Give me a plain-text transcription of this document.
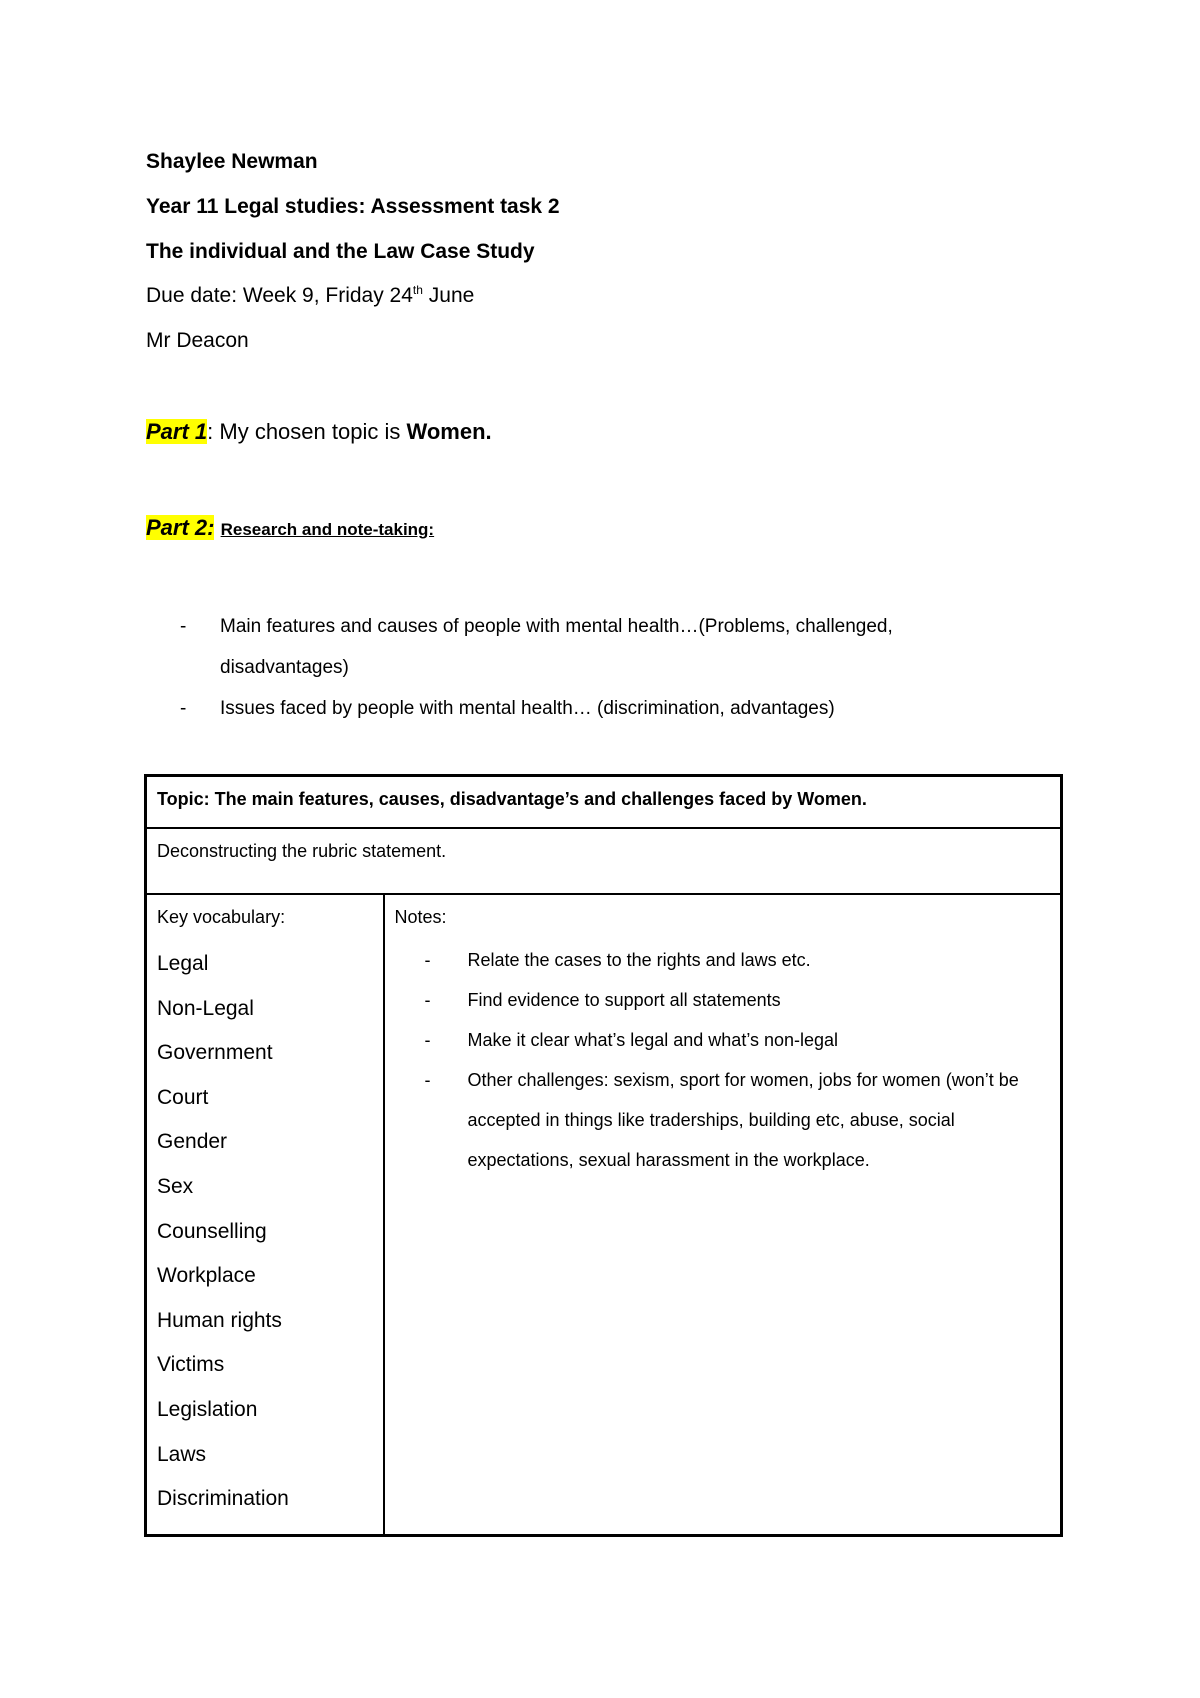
Shaylee Newman
Year 11 Legal studies: Assessment task 2
The individual and the Law Case Study
Due date: Week 9, Friday 24th June
Mr Deacon
Part 1: My chosen topic is Women.
Part 2: Research and note-taking:
- Main features and causes of people with mental health…(Problems, challenged, disadvantages)
- Issues faced by people with mental health… (discrimination, advantages)
Topic: The main features, causes, disadvantage’s and challenges faced by Women.
Deconstructing the rubric statement.

Key vocabulary:
Legal
Non-Legal
Government
Court
Gender
Sex
Counselling
Workplace
Human rights
Victims
Legislation
Laws
Discrimination

Notes:
- Relate the cases to the rights and laws etc.
- Find evidence to support all statements
- Make it clear what’s legal and what’s non-legal
- Other challenges: sexism, sport for women, jobs for women (won’t be accepted in things like traderships, building etc, abuse, social expectations, sexual harassment in the workplace.
